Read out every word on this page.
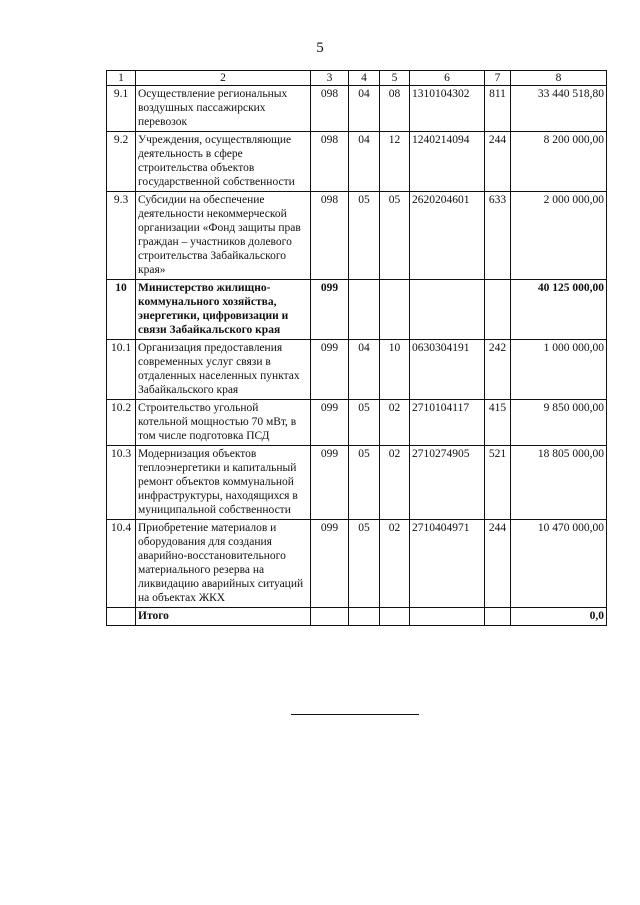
5
1	2	3	4	5	6	7	8
9.1	Осуществление региональных воздушных пассажирских перевозок	098	04	08	1310104302	811	33 440 518,80
9.2	Учреждения, осуществляющие деятельность в сфере строительства объектов государственной собственности	098	04	12	1240214094	244	8 200 000,00
9.3	Субсидии на обеспечение деятельности некоммерческой организации «Фонд защиты прав граждан – участников долевого строительства Забайкальского края»	098	05	05	2620204601	633	2 000 000,00
10	Министерство жилищно-коммунального хозяйства, энергетики, цифровизации и связи Забайкальского края	099					40 125 000,00
10.1	Организация предоставления современных услуг связи в отдаленных населенных пунктах Забайкальского края	099	04	10	0630304191	242	1 000 000,00
10.2	Строительство угольной котельной мощностью 70 мВт, в том числе подготовка ПСД	099	05	02	2710104117	415	9 850 000,00
10.3	Модернизация объектов теплоэнергетики и капитальный ремонт объектов коммунальной инфраструктуры, находящихся в муниципальной собственности	099	05	02	2710274905	521	18 805 000,00
10.4	Приобретение материалов и оборудования для создания аварийно-восстановительного материального резерва на ликвидацию аварийных ситуаций на объектах ЖКХ	099	05	02	2710404971	244	10 470 000,00
	Итого						0,0
